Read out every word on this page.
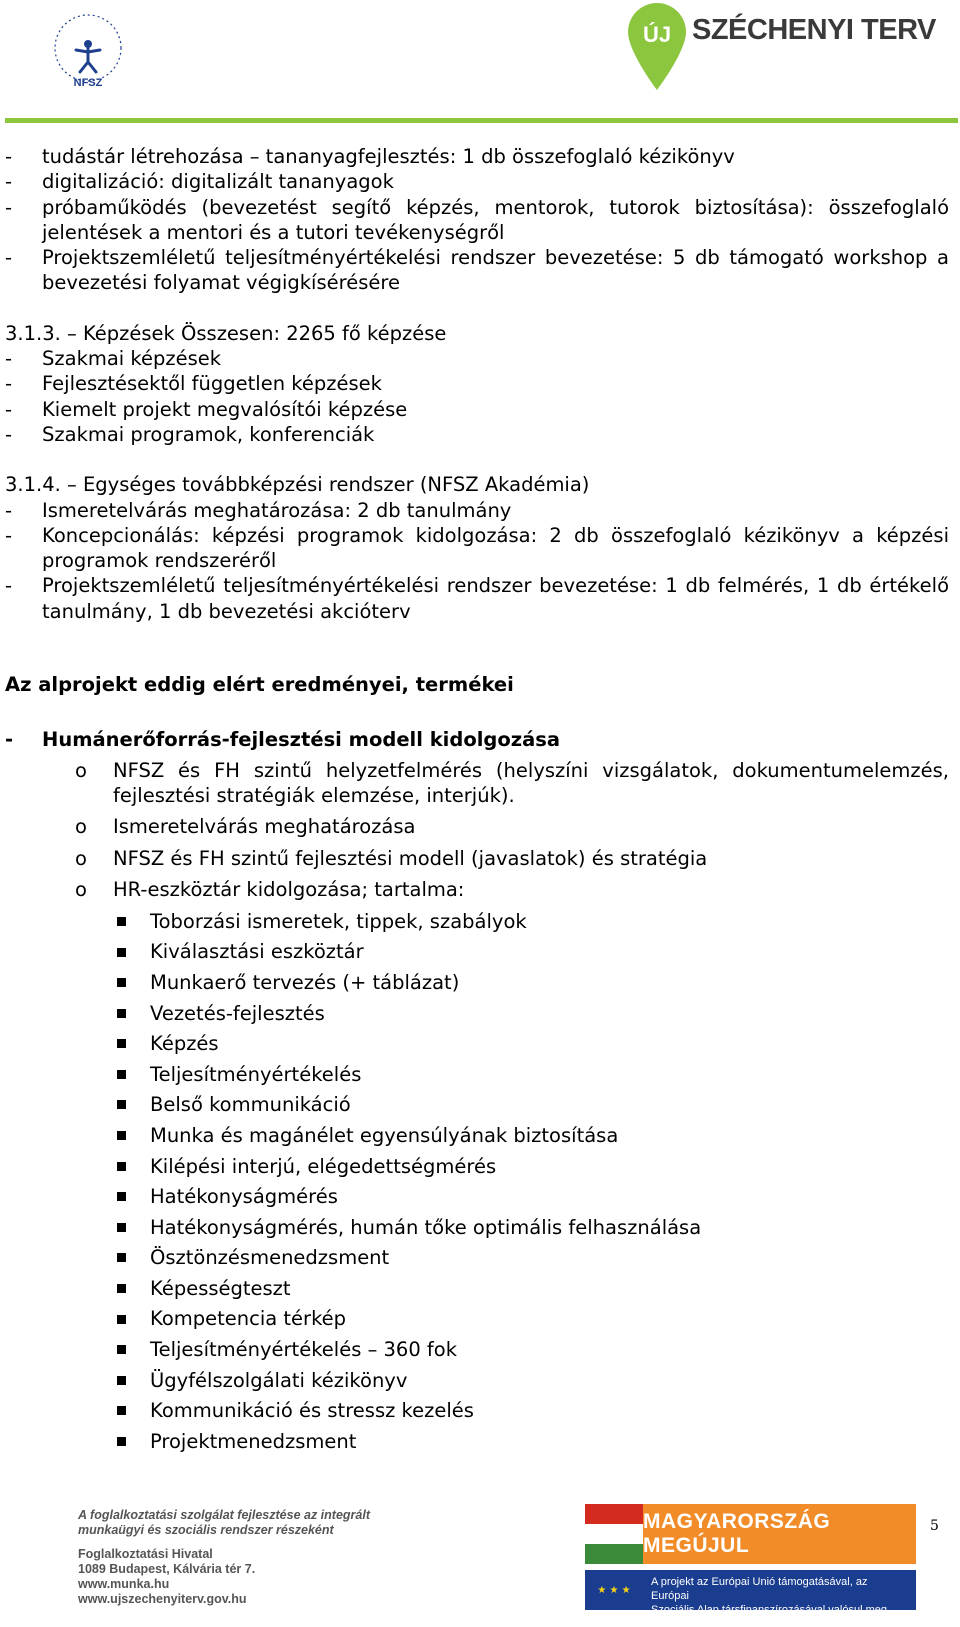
NFSZ
ÚJ SZÉCHENYI TERV
-	tudástár létrehozása – tananyagfejlesztés: 1 db összefoglaló kézikönyv
-	digitalizáció: digitalizált tananyagok
-	próbaműködés (bevezetést segítő képzés, mentorok, tutorok biztosítása): összefoglaló jelentések a mentori és a tutori tevékenységről
-	Projektszemléletű teljesítményértékelési rendszer bevezetése: 5 db támogató workshop a bevezetési folyamat végigkísérésére
3.1.3. – Képzések Összesen: 2265 fő képzése
-	Szakmai képzések
-	Fejlesztésektől független képzések
-	Kiemelt projekt megvalósítói képzése
-	Szakmai programok, konferenciák
3.1.4. – Egységes továbbképzési rendszer (NFSZ Akadémia)
-	Ismeretelvárás meghatározása: 2 db tanulmány
-	Koncepcionálás: képzési programok kidolgozása: 2 db összefoglaló kézikönyv a képzési programok rendszeréről
-	Projektszemléletű teljesítményértékelési rendszer bevezetése: 1 db felmérés, 1 db értékelő tanulmány, 1 db bevezetési akcióterv
Az alprojekt eddig elért eredményei, termékei
-	Humánerőforrás-fejlesztési modell kidolgozása
o	NFSZ és FH szintű helyzetfelmérés (helyszíni vizsgálatok, dokumentumelemzés, fejlesztési stratégiák elemzése, interjúk).
o	Ismeretelvárás meghatározása
o	NFSZ és FH szintű fejlesztési modell (javaslatok) és stratégia
o	HR-eszköztár kidolgozása; tartalma:
Toborzási ismeretek, tippek, szabályok
Kiválasztási eszköztár
Munkaerő tervezés (+ táblázat)
Vezetés-fejlesztés
Képzés
Teljesítményértékelés
Belső kommunikáció
Munka és magánélet egyensúlyának biztosítása
Kilépési interjú, elégedettségmérés
Hatékonyságmérés
Hatékonyságmérés, humán tőke optimális felhasználása
Ösztönzésmenedzsment
Képességteszt
Kompetencia térkép
Teljesítményértékelés – 360 fok
Ügyfélszolgálati kézikönyv
Kommunikáció és stressz kezelés
Projektmenedzsment
A foglalkoztatási szolgálat fejlesztése az integrált
munkaügyi és szociális rendszer részeként
Foglalkoztatási Hivatal
1089 Budapest, Kálvária tér 7.
www.munka.hu
www.ujszechenyiterv.gov.hu
MAGYARORSZÁG MEGÚJUL
★ ★ ★
A projekt az Európai Unió támogatásával, az Európai
Szociális Alap társfinanszírozásával valósul meg.
5
